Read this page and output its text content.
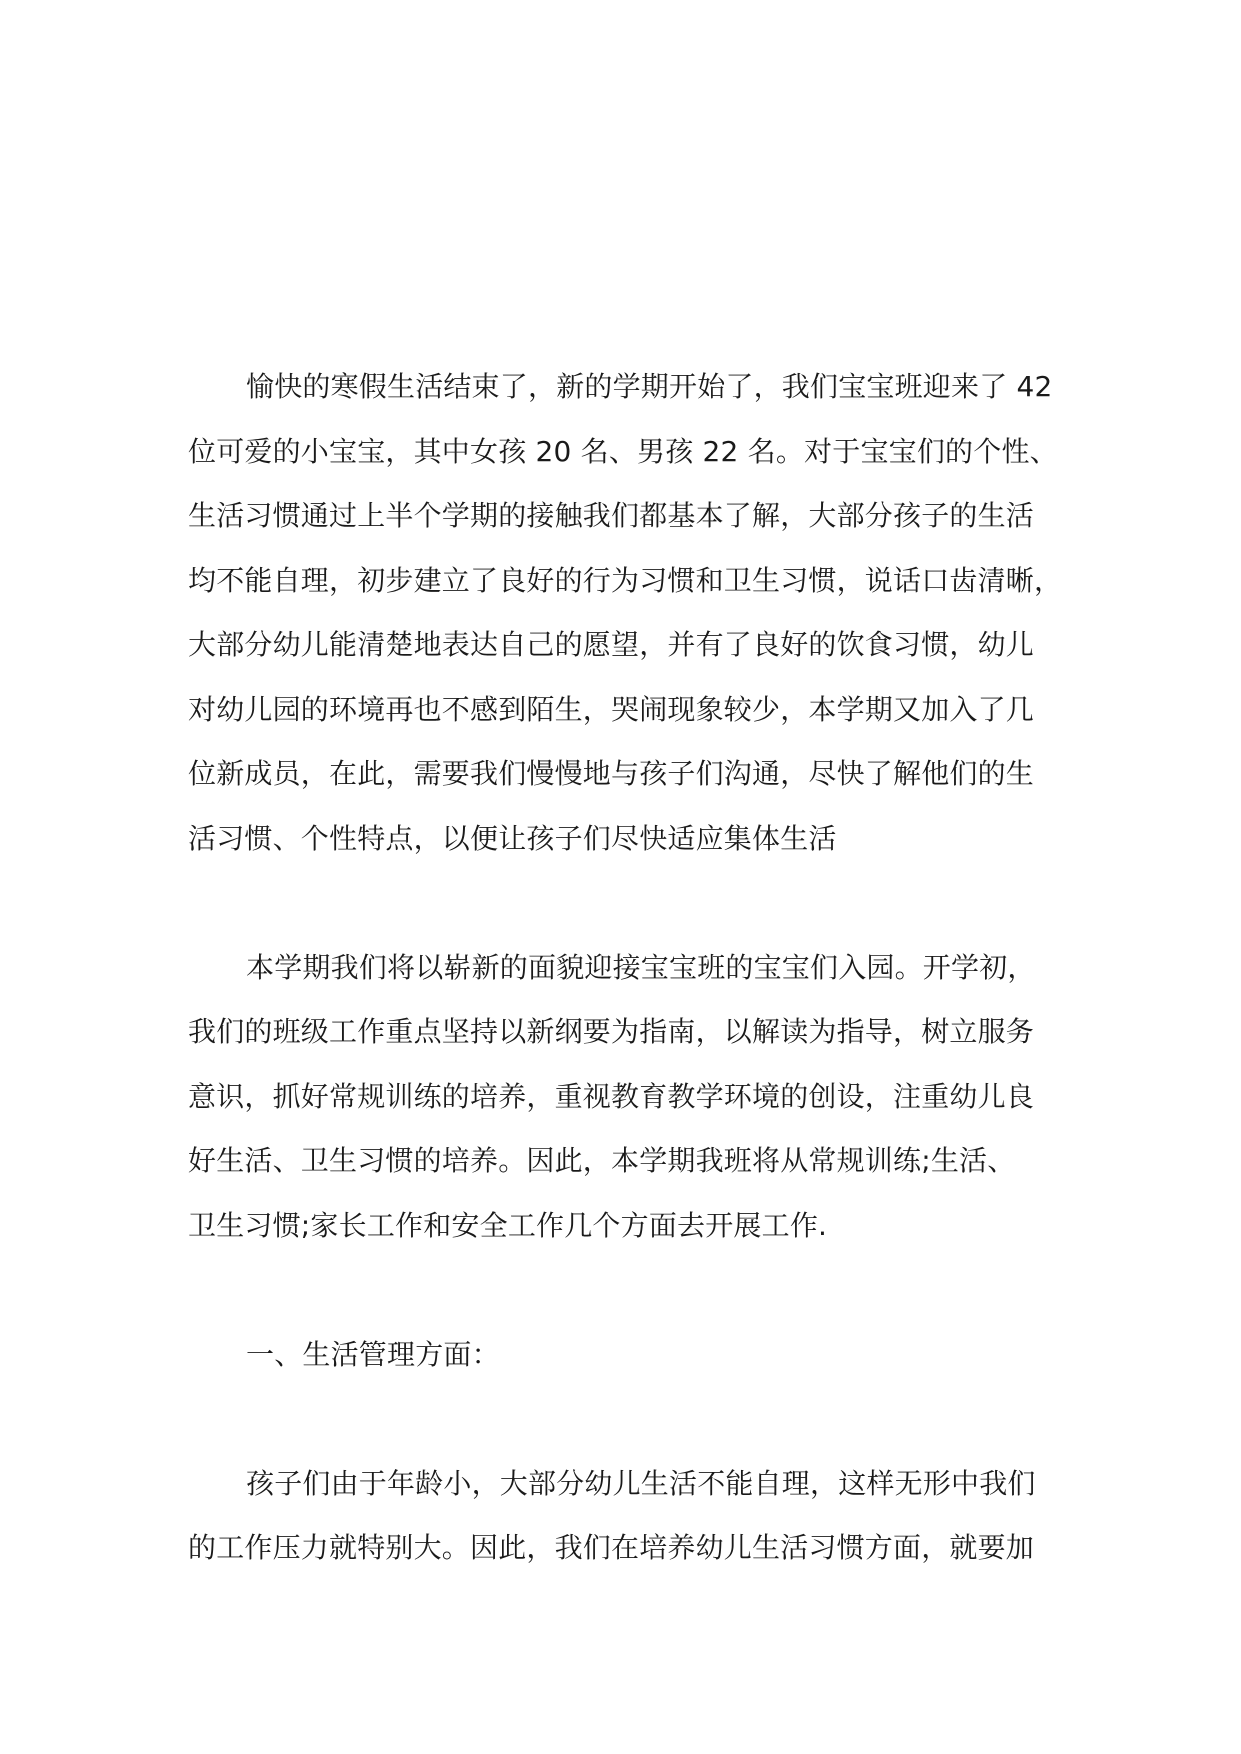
愉快的寒假生活结束了，新的学期开始了，我们宝宝班迎来了 42
位可爱的小宝宝，其中女孩 20 名、男孩 22 名。对于宝宝们的个性、
生活习惯通过上半个学期的接触我们都基本了解，大部分孩子的生活
均不能自理，初步建立了良好的行为习惯和卫生习惯，说话口齿清晰，
大部分幼儿能清楚地表达自己的愿望，并有了良好的饮食习惯，幼儿
对幼儿园的环境再也不感到陌生，哭闹现象较少，本学期又加入了几
位新成员，在此，需要我们慢慢地与孩子们沟通，尽快了解他们的生
活习惯、个性特点，以便让孩子们尽快适应集体生活
本学期我们将以崭新的面貌迎接宝宝班的宝宝们入园。开学初，
我们的班级工作重点坚持以新纲要为指南，以解读为指导，树立服务
意识，抓好常规训练的培养，重视教育教学环境的创设，注重幼儿良
好生活、卫生习惯的培养。因此，本学期我班将从常规训练;生活、
卫生习惯;家长工作和安全工作几个方面去开展工作.
一、生活管理方面：
孩子们由于年龄小，大部分幼儿生活不能自理，这样无形中我们
的工作压力就特别大。因此，我们在培养幼儿生活习惯方面，就要加
